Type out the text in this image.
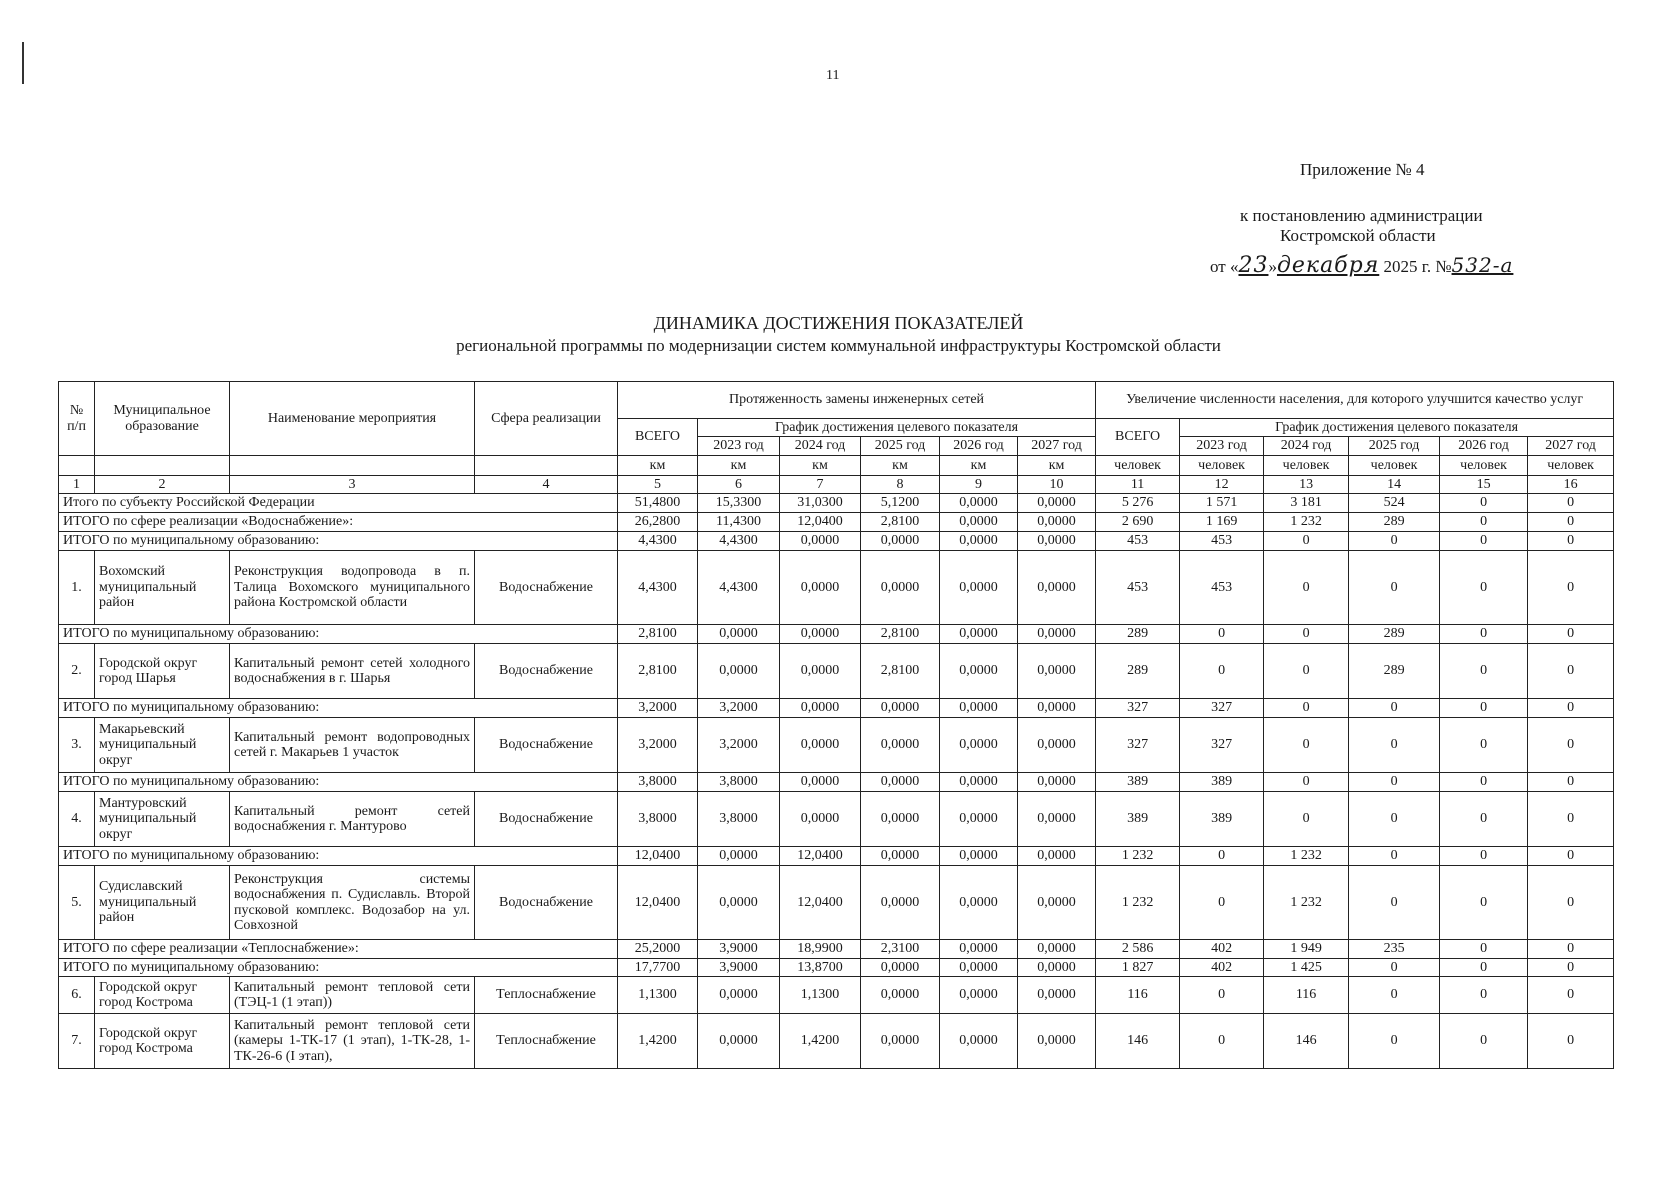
11
Приложение № 4
к постановлению администрации
Костромской области
от «23»декабря 2025 г. №532-а
ДИНАМИКА ДОСТИЖЕНИЯ ПОКАЗАТЕЛЕЙ
региональной программы по модернизации систем коммунальной инфраструктуры Костромской области
№ п/п	Муниципальное образование	Наименование мероприятия	Сфера реализации	Протяженность замены инженерных сетей						Увеличение численности населения, для которого улучшится качество услуг					
				ВСЕГО	График достижения целевого показателя					ВСЕГО	График достижения целевого показателя				
					2023 год	2024 год	2025 год	2026 год	2027 год		2023 год	2024 год	2025 год	2026 год	2027 год
				км	км	км	км	км	км	человек	человек	человек	человек	человек	человек
1	2	3	4	5	6	7	8	9	10	11	12	13	14	15	16
Итого по субъекту Российской Федерации				51,4800	15,3300	31,0300	5,1200	0,0000	0,0000	5 276	1 571	3 181	524	0	0
ИТОГО по сфере реализации «Водоснабжение»:				26,2800	11,4300	12,0400	2,8100	0,0000	0,0000	2 690	1 169	1 232	289	0	0
ИТОГО по муниципальному образованию:				4,4300	4,4300	0,0000	0,0000	0,0000	0,0000	453	453	0	0	0	0
1.	Вохомский муниципальный район	Реконструкция водопровода в п. Талица Вохомского муниципального района Костромской области	Водоснабжение	4,4300	4,4300	0,0000	0,0000	0,0000	0,0000	453	453	0	0	0	0
ИТОГО по муниципальному образованию:				2,8100	0,0000	0,0000	2,8100	0,0000	0,0000	289	0	0	289	0	0
2.	Городской округ город Шарья	Капитальный ремонт сетей холодного водоснабжения в г. Шарья	Водоснабжение	2,8100	0,0000	0,0000	2,8100	0,0000	0,0000	289	0	0	289	0	0
ИТОГО по муниципальному образованию:				3,2000	3,2000	0,0000	0,0000	0,0000	0,0000	327	327	0	0	0	0
3.	Макарьевский муниципальный округ	Капитальный ремонт водопроводных сетей г. Макарьев 1 участок	Водоснабжение	3,2000	3,2000	0,0000	0,0000	0,0000	0,0000	327	327	0	0	0	0
ИТОГО по муниципальному образованию:				3,8000	3,8000	0,0000	0,0000	0,0000	0,0000	389	389	0	0	0	0
4.	Мантуровский муниципальный округ	Капитальный ремонт сетей водоснабжения г. Мантурово	Водоснабжение	3,8000	3,8000	0,0000	0,0000	0,0000	0,0000	389	389	0	0	0	0
ИТОГО по муниципальному образованию:				12,0400	0,0000	12,0400	0,0000	0,0000	0,0000	1 232	0	1 232	0	0	0
5.	Судиславский муниципальный район	Реконструкция системы водоснабжения п. Судиславль. Второй пусковой комплекс. Водозабор на ул. Совхозной	Водоснабжение	12,0400	0,0000	12,0400	0,0000	0,0000	0,0000	1 232	0	1 232	0	0	0
ИТОГО по сфере реализации «Теплоснабжение»:				25,2000	3,9000	18,9900	2,3100	0,0000	0,0000	2 586	402	1 949	235	0	0
ИТОГО по муниципальному образованию:				17,7700	3,9000	13,8700	0,0000	0,0000	0,0000	1 827	402	1 425	0	0	0
6.	Городской округ город Кострома	Капитальный ремонт тепловой сети (ТЭЦ-1 (1 этап))	Теплоснабжение	1,1300	0,0000	1,1300	0,0000	0,0000	0,0000	116	0	116	0	0	0
7.	Городской округ город Кострома	Капитальный ремонт тепловой сети (камеры 1-ТК-17 (1 этап), 1-ТК-28, 1-ТК-26-6 (I этап),	Теплоснабжение	1,4200	0,0000	1,4200	0,0000	0,0000	0,0000	146	0	146	0	0	0
